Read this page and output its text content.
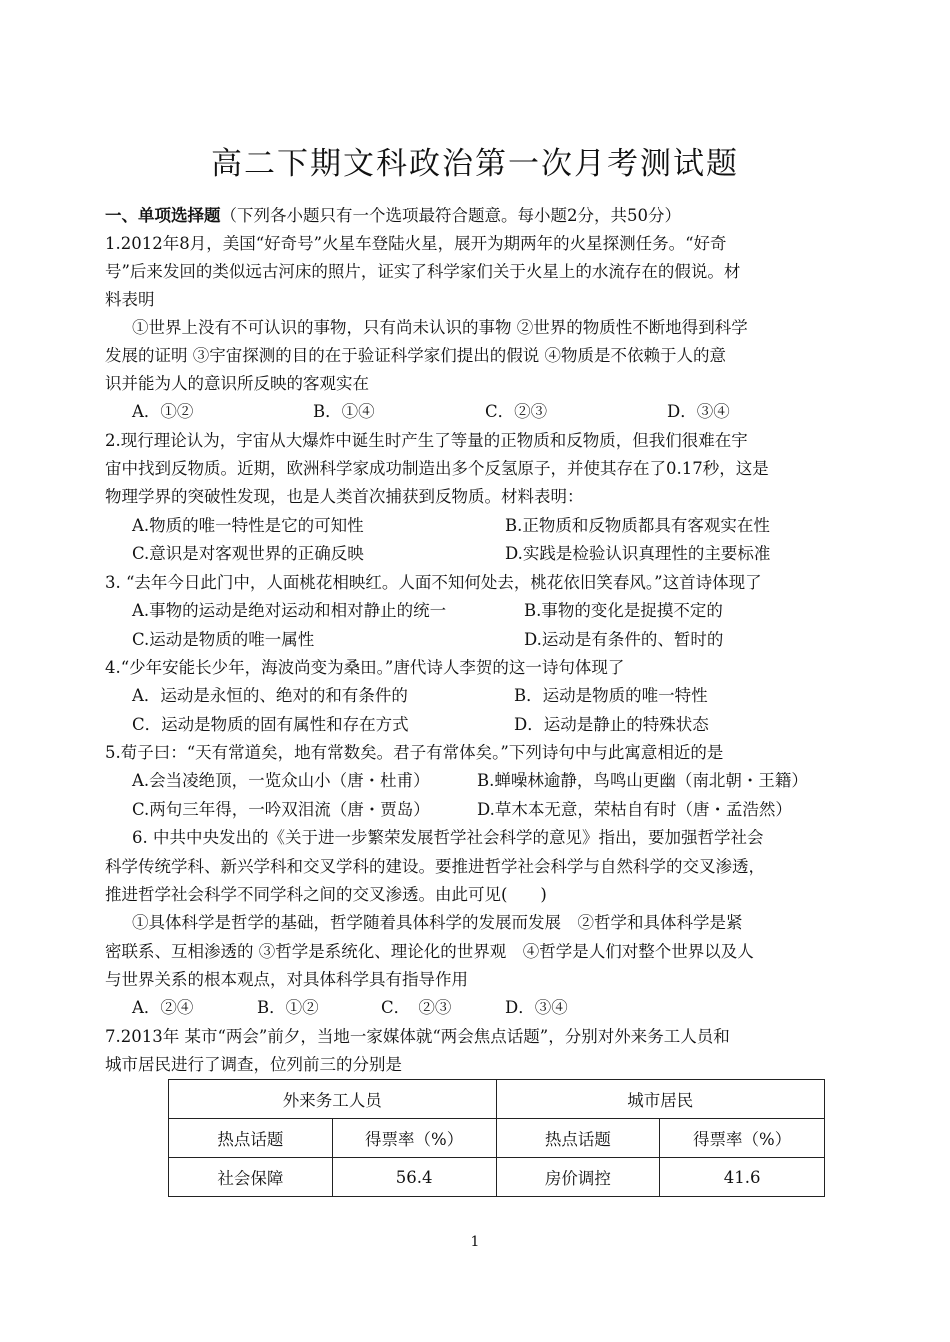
高二下期文科政治第一次月考测试题
一、单项选择题（下列各小题只有一个选项最符合题意。每小题2分，共50分）
1.2012年8月，美国“好奇号”火星车登陆火星，展开为期两年的火星探测任务。“好奇
号”后来发回的类似远古河床的照片，证实了科学家们关于火星上的水流存在的假说。材
料表明
①世界上没有不可认识的事物，只有尚未认识的事物 ②世界的物质性不断地得到科学
发展的证明 ③宇宙探测的目的在于验证科学家们提出的假说 ④物质是不依赖于人的意
识并能为人的意识所反映的客观实在
A．①②	B．①④	C．②③	D．③④
2.现行理论认为，宇宙从大爆炸中诞生时产生了等量的正物质和反物质，但我们很难在宇
宙中找到反物质。近期，欧洲科学家成功制造出多个反氢原子，并使其存在了0.17秒，这是
物理学界的突破性发现，也是人类首次捕获到反物质。材料表明：
A.物质的唯一特性是它的可知性	B.正物质和反物质都具有客观实在性
C.意识是对客观世界的正确反映	D.实践是检验认识真理性的主要标准
3. “去年今日此门中，人面桃花相映红。人面不知何处去，桃花依旧笑春风。”这首诗体现了
A.事物的运动是绝对运动和相对静止的统一	B.事物的变化是捉摸不定的
C.运动是物质的唯一属性	D.运动是有条件的、暂时的
4.“少年安能长少年，海波尚变为桑田。”唐代诗人李贺的这一诗句体现了
A．运动是永恒的、绝对的和有条件的	B．运动是物质的唯一特性
C．运动是物质的固有属性和存在方式	D．运动是静止的特殊状态
5.荀子曰：“天有常道矣，地有常数矣。君子有常体矣。”下列诗句中与此寓意相近的是
A.会当凌绝顶，一览众山小（唐・杜甫）	B.蝉噪林逾静，鸟鸣山更幽（南北朝・王籍）
C.两句三年得，一吟双泪流（唐・贾岛）	D.草木本无意，荣枯自有时（唐・孟浩然）
6. 中共中央发出的《关于进一步繁荣发展哲学社会科学的意见》指出，要加强哲学社会
科学传统学科、新兴学科和交叉学科的建设。要推进哲学社会科学与自然科学的交叉渗透，
推进哲学社会科学不同学科之间的交叉渗透。由此可见(　　)
①具体科学是哲学的基础，哲学随着具体科学的发展而发展　②哲学和具体科学是紧
密联系、互相渗透的 ③哲学是系统化、理论化的世界观　④哲学是人们对整个世界以及人
与世界关系的根本观点，对具体科学具有指导作用
A．②④	B．①②	C．　②③	D．③④
7.2013年 某市“两会”前夕，当地一家媒体就“两会焦点话题”，分别对外来务工人员和
城市居民进行了调查，位列前三的分别是
外来务工人员		城市居民	
热点话题	得票率（%）	热点话题	得票率（%）
社会保障	56.4	房价调控	41.6
1
